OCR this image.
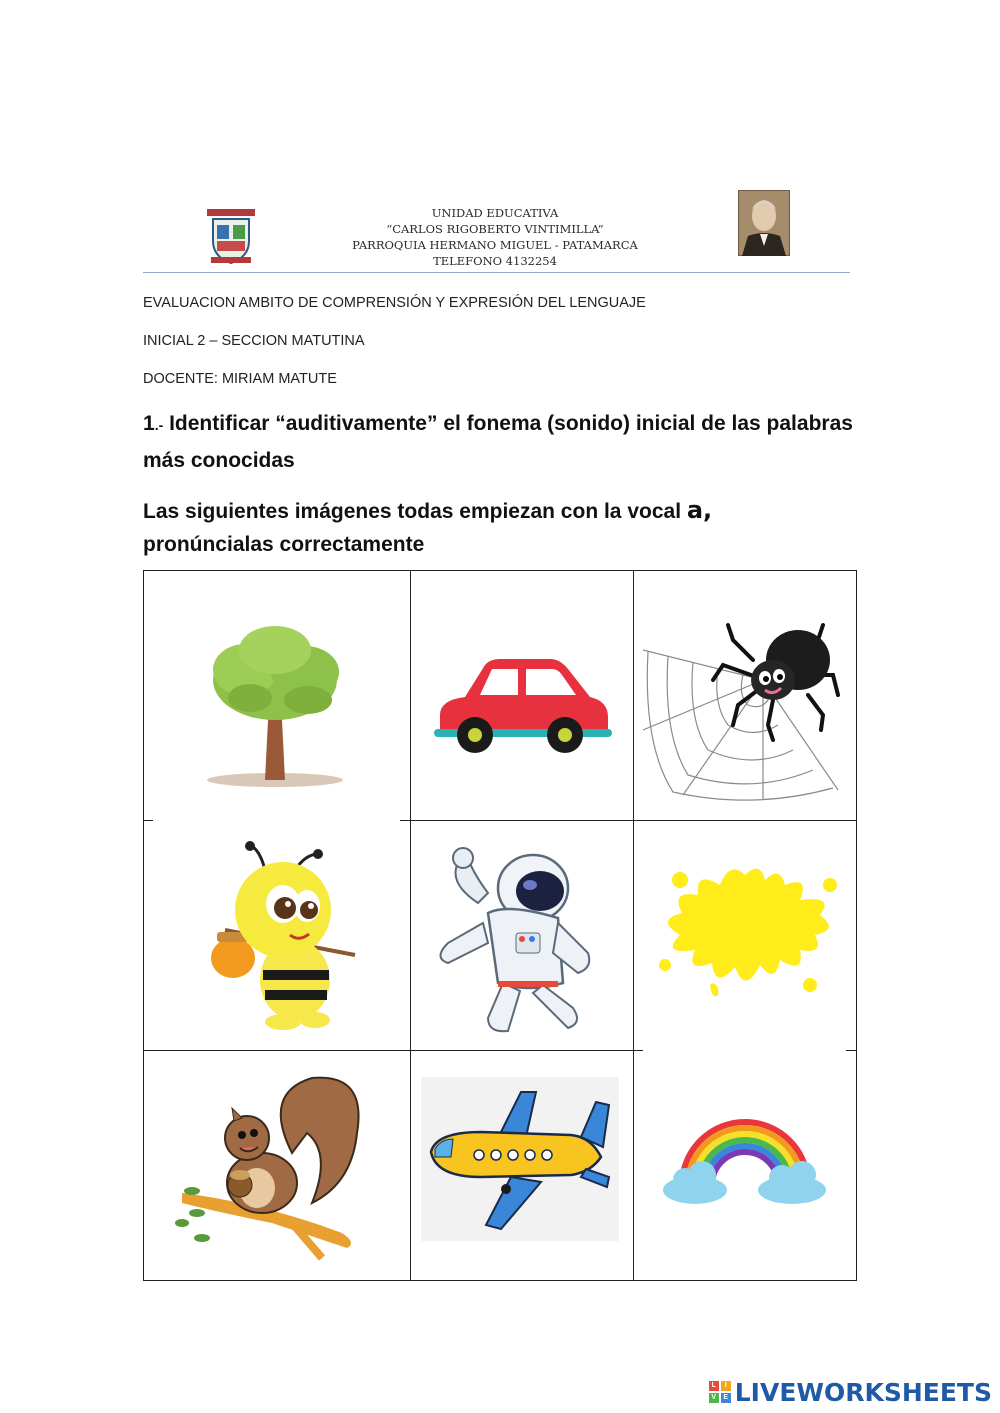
UNIDAD EDUCATIVA
“CARLOS RIGOBERTO VINTIMILLA”
PARROQUIA HERMANO MIGUEL - PATAMARCA
TELEFONO 4132254
EVALUACION AMBITO DE COMPRENSIÓN Y EXPRESIÓN DEL LENGUAJE
INICIAL 2 – SECCION MATUTINA
DOCENTE: MIRIAM MATUTE
1.- Identificar “auditivamente” el fonema (sonido) inicial de las palabras más conocidas
Las siguientes imágenes todas empiezan con la vocal a,
pronúncialas correctamente
L	I
V	E LIVEWORKSHEETS
